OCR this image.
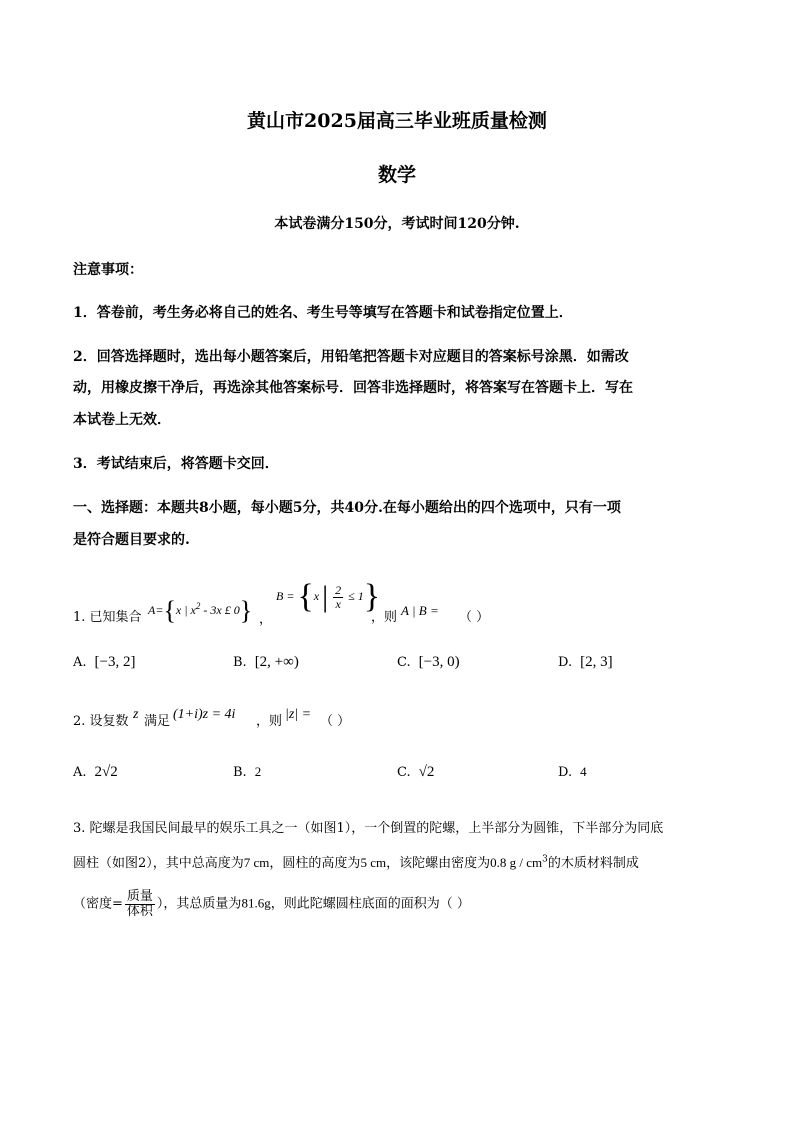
黄山市2025届高三毕业班质量检测
数学
本试卷满分150分，考试时间120分钟.
注意事项：
1．答卷前，考生务必将自己的姓名、考生号等填写在答题卡和试卷指定位置上．
2．回答选择题时，选出每小题答案后，用铅笔把答题卡对应题目的答案标号涂黑．如需改
动，用橡皮擦干净后，再选涂其他答案标号．回答非选择题时，将答案写在答题卡上．写在
本试卷上无效．
3．考试结束后，将答题卡交回．
一、选择题：本题共8小题，每小题5分，共40分.在每小题给出的四个选项中，只有一项
是符合题目要求的.
1. 已知集合
A={x | $x^2 - 3x$ £ 0} ，
B = {x | $\frac{2}{x} \le 1$}
，则 A | B = （ ）
A. [−3, 2]	B. [2, +∞)	C. [−3, 0)	D. [2, 3]
2. 设复数 z 满足 (1+i)z = 4i ，则 |z| = （ ）
A. 2√2	B. 2	C. √2	D. 4
3. 陀螺是我国民间最早的娱乐工具之一（如图1），一个倒置的陀螺，上半部分为圆锥，下半部分为同底
圆柱（如图2），其中总高度为7 cm，圆柱的高度为5 cm，该陀螺由密度为0.8 g / $cm^3$的木质材料制成
（密度= $\frac{\text{质量}}{\text{体积}}$ ），其总质量为81.6g，则此陀螺圆柱底面的面积为（ ）
